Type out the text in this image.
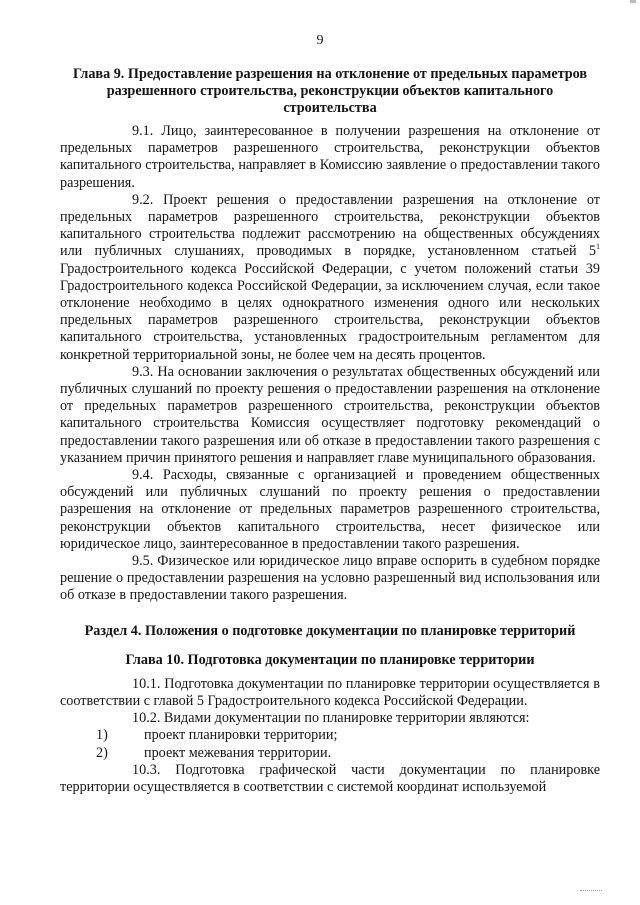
9
Глава 9. Предоставление разрешения на отклонение от предельных параметров разрешенного строительства, реконструкции объектов капитального строительства

9.1. Лицо, заинтересованное в получении разрешения на отклонение от предельных параметров разрешенного строительства, реконструкции объектов капитального строительства, направляет в Комиссию заявление о предоставлении такого разрешения.

9.2. Проект решения о предоставлении разрешения на отклонение от предельных параметров разрешенного строительства, реконструкции объектов капитального строительства подлежит рассмотрению на общественных обсуждениях или публичных слушаниях, проводимых в порядке, установленном статьей $5^1$ Градостроительного кодекса Российской Федерации, с учетом положений статьи 39 Градостроительного кодекса Российской Федерации, за исключением случая, если такое отклонение необходимо в целях однократного изменения одного или нескольких предельных параметров разрешенного строительства, реконструкции объектов капитального строительства, установленных градостроительным регламентом для конкретной территориальной зоны, не более чем на десять процентов.

9.3. На основании заключения о результатах общественных обсуждений или публичных слушаний по проекту решения о предоставлении разрешения на отклонение от предельных параметров разрешенного строительства, реконструкции объектов капитального строительства Комиссия осуществляет подготовку рекомендаций о предоставлении такого разрешения или об отказе в предоставлении такого разрешения с указанием причин принятого решения и направляет главе муниципального образования.

9.4. Расходы, связанные с организацией и проведением общественных обсуждений или публичных слушаний по проекту решения о предоставлении разрешения на отклонение от предельных параметров разрешенного строительства, реконструкции объектов капитального строительства, несет физическое или юридическое лицо, заинтересованное в предоставлении такого разрешения.

9.5. Физическое или юридическое лицо вправе оспорить в судебном порядке решение о предоставлении разрешения на условно разрешенный вид использования или об отказе в предоставлении такого разрешения.

Раздел 4. Положения о подготовке документации по планировке территорий
Глава 10. Подготовка документации по планировке территории

10.1. Подготовка документации по планировке территории осуществляется в соответствии с главой 5 Градостроительного кодекса Российской Федерации.

10.2. Видами документации по планировке территории являются:

1)	проект планировки территории;
2)	проект межевания территории.

10.3. Подготовка графической части документации по планировке территории осуществляется в соответствии с системой координат используемой
